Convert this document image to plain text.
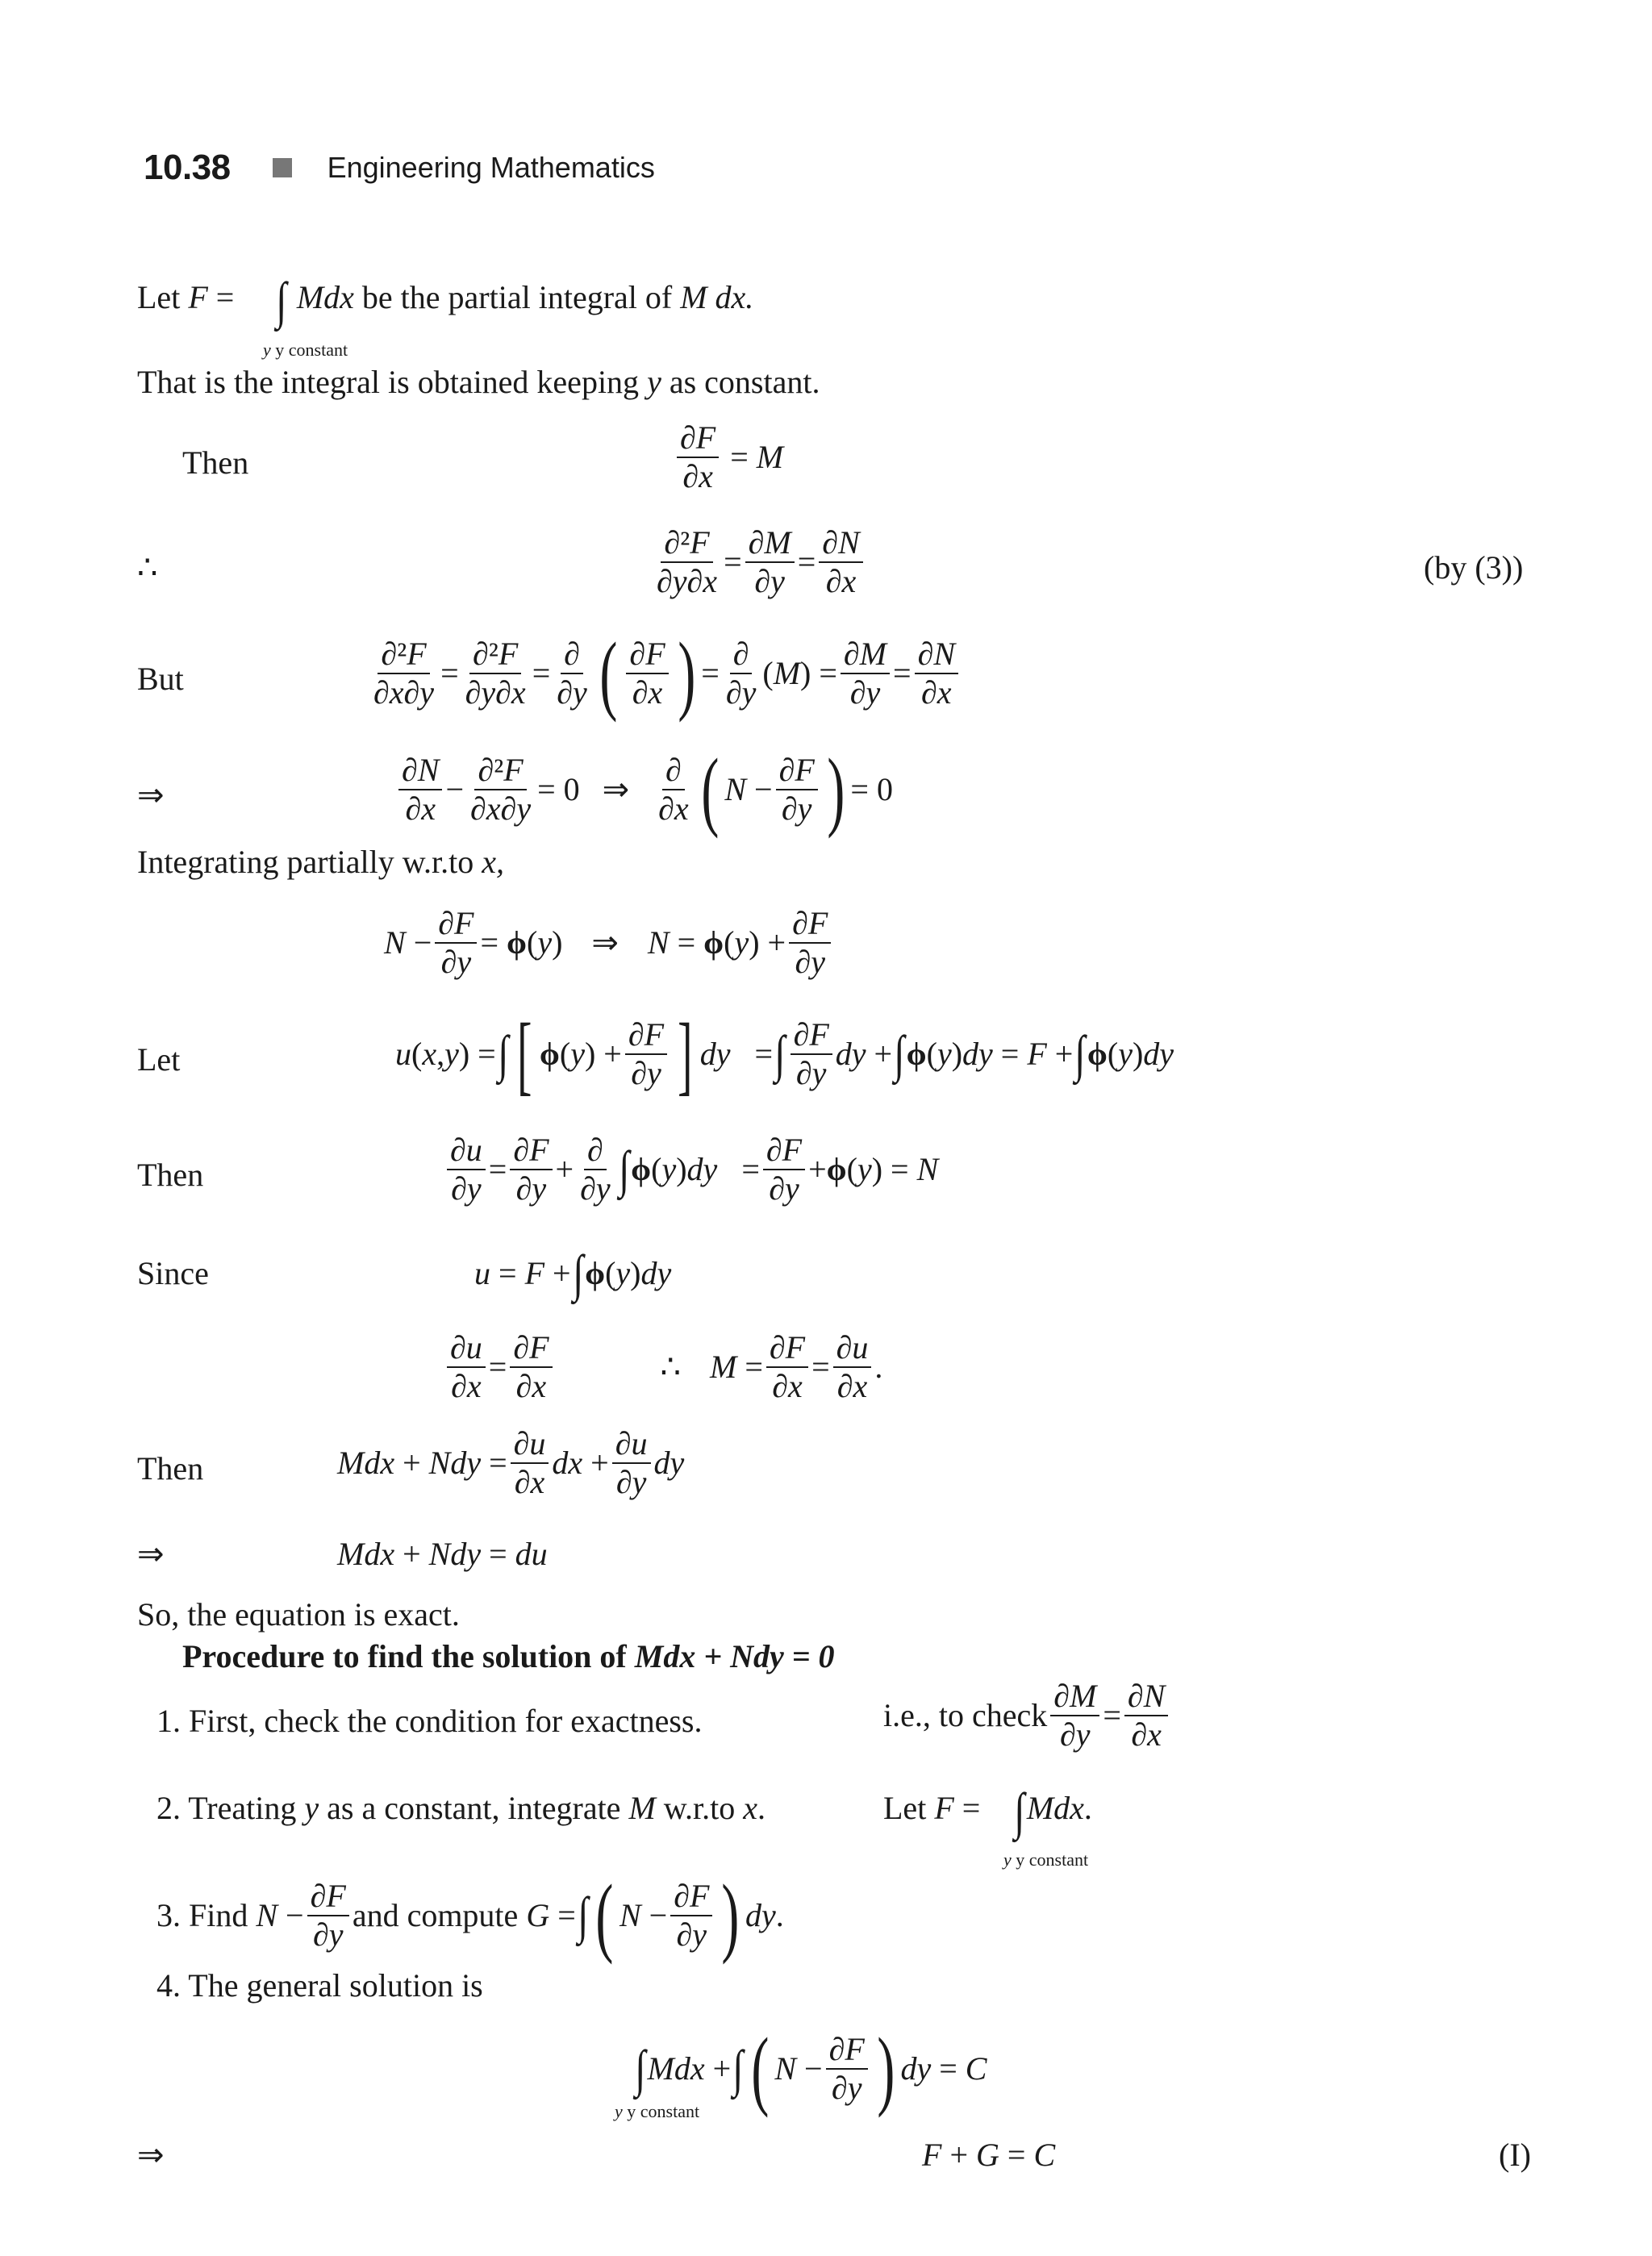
10.38	Engineering Mathematics
Let F = ∫ Mdx be the partial integral of M dx.
y y constant
That is the integral is obtained keeping y as constant.
Then	$\frac{\partial F}{\partial x} = M$
∴	$\frac{\text{∂²F}}{\partial y\partial x} = \frac{\partial M}{\partial y} = \frac{\partial N}{\partial x}$	(by (3))
But	$\frac{\text{∂²F}}{\partial x\partial y} = \frac{\text{∂²F}}{\partial y\partial x} = \frac{\partial}{\partial y}$ ( $\frac{\partial F}{\partial x}$ ) = $\frac{\partial}{\partial y}$ ( M ) = $\frac{\partial M}{\partial y} = \frac{\partial N}{\partial x}$
⇒	$\frac{\partial N}{\partial x} - \frac{\text{∂²F}}{\partial x\partial y} = 0$
⇒
$\frac{\partial}{\partial x}$ ( $N - \frac{\partial F}{\partial y}$ ) = 0
Integrating partially w.r.to x,
$N - \frac{\partial F}{\partial y} = \phi$ ( y ) ⇒ N = ϕ ( y ) + $\frac{\partial F}{\partial y}$
Let	u ( x , y ) = ∫ [ ϕ ( y ) + $\frac{\partial F}{\partial y}$ ] dy = ∫ $\frac{\partial F}{\partial y}$ dy + ∫ ϕ ( y ) dy = F + ∫ ϕ ( y ) dy
Then	$\frac{\partial u}{\partial y} = \frac{\partial F}{\partial y} + \frac{\partial}{\partial y}$ ∫ ϕ ( y ) dy = $\frac{\partial F}{\partial y} + \phi$ ( y ) = N
Since	u = F + ∫ ϕ ( y ) dy
$\frac{\partial u}{\partial x} = \frac{\partial F}{\partial x}$	∴ $M = \frac{\partial F}{\partial x} = \frac{\partial u}{\partial x}$ .
Then	Mdx + Ndy = $\frac{\partial u}{\partial x}$ dx + $\frac{\partial u}{\partial y}$ dy
⇒	Mdx + Ndy = du
So, the equation is exact.
Procedure to find the solution of Mdx + Ndy = 0
1. First, check the condition for exactness.	i.e., to check $\frac{\partial M}{\partial y} = \frac{\partial N}{\partial x}$
2. Treating y as a constant, integrate M w.r.to x.	Let F = ∫Mdx.
y y constant
3.
Find
$N - \frac{\partial F}{\partial y}$ and compute
G = ∫ ( $N - \frac{\partial F}{\partial y}$ ) dy .
4. The general solution is
∫ Mdx + ∫ ( $N - \frac{\partial F}{\partial y}$ ) dy = C
y y constant
⇒	F + G = C	(I)
